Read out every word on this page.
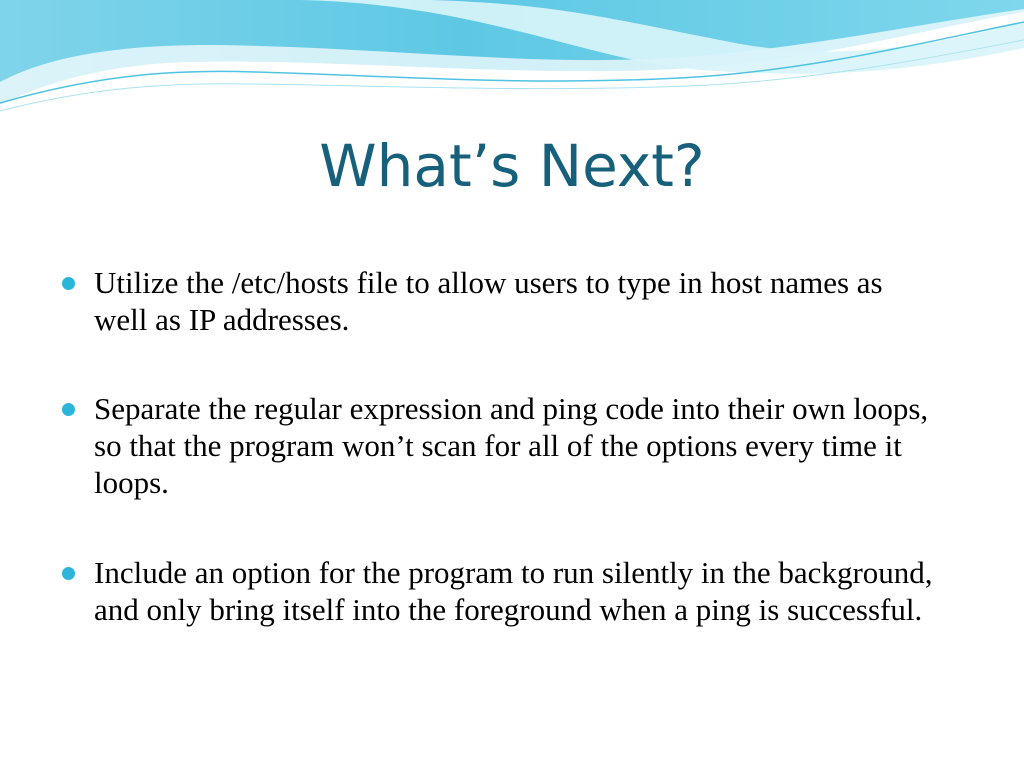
What’s Next?
Utilize the /etc/hosts file to allow users to type in host names as well as IP addresses.
Separate the regular expression and ping code into their own loops, so that the program won’t scan for all of the options every time it loops.
Include an option for the program to run silently in the background, and only bring itself into the foreground when a ping is successful.
